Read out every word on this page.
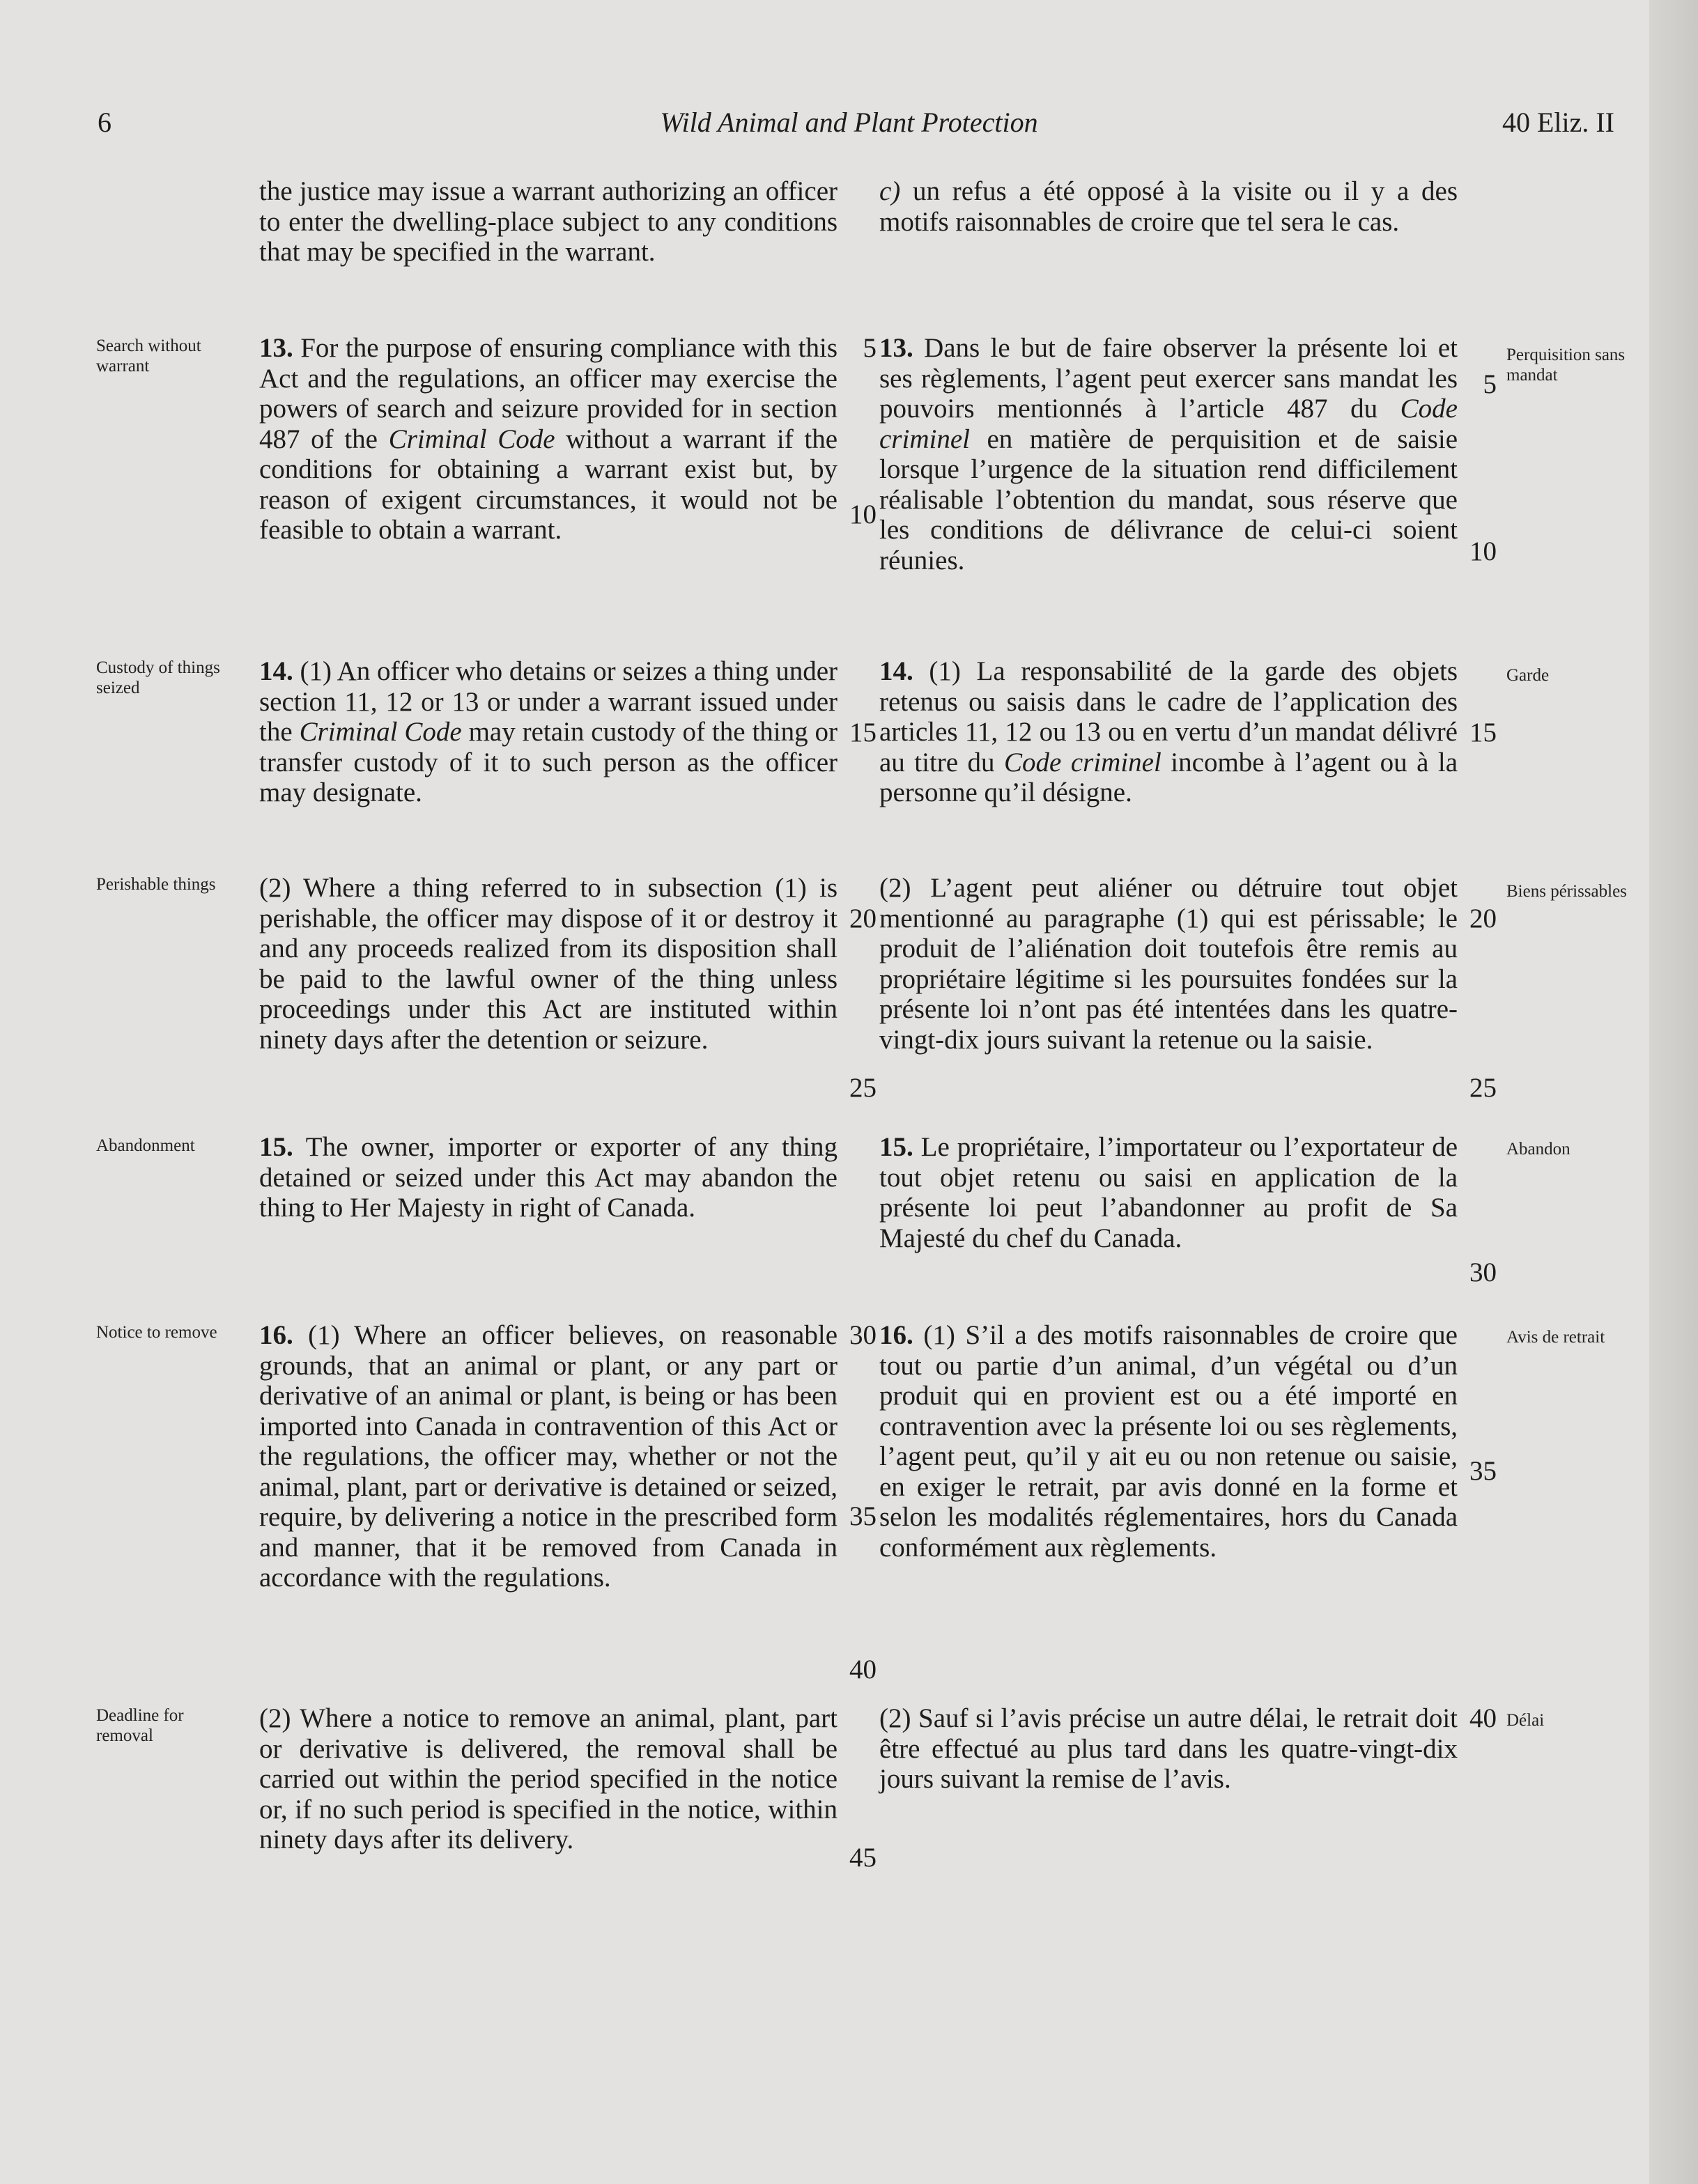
6	Wild Animal and Plant Protection	40 Eliz. II

the justice may issue a warrant authorizing an officer to enter the dwelling-place subject to any conditions that may be specified in the warrant.

13. For the purpose of ensuring compliance with this Act and the regulations, an officer may exercise the powers of search and seizure provided for in section 487 of the Criminal Code without a warrant if the conditions for obtaining a warrant exist but, by reason of exigent circumstances, it would not be feasible to obtain a warrant.

14. (1) An officer who detains or seizes a thing under section 11, 12 or 13 or under a warrant issued under the Criminal Code may retain custody of the thing or transfer custody of it to such person as the officer may designate.

(2) Where a thing referred to in subsection (1) is perishable, the officer may dispose of it or destroy it and any proceeds realized from its disposition shall be paid to the lawful owner of the thing unless proceedings under this Act are instituted within ninety days after the detention or seizure.

15. The owner, importer or exporter of any thing detained or seized under this Act may abandon the thing to Her Majesty in right of Canada.

16. (1) Where an officer believes, on reasonable grounds, that an animal or plant, or any part or derivative of an animal or plant, is being or has been imported into Canada in contravention of this Act or the regulations, the officer may, whether or not the animal, plant, part or derivative is detained or seized, require, by delivering a notice in the prescribed form and manner, that it be removed from Canada in accordance with the regulations.

(2) Where a notice to remove an animal, plant, part or derivative is delivered, the removal shall be carried out within the period specified in the notice or, if no such period is specified in the notice, within ninety days after its delivery.

c) un refus a été opposé à la visite ou il y a des motifs raisonnables de croire que tel sera le cas.

13. Dans le but de faire observer la présente loi et ses règlements, l’agent peut exercer sans mandat les pouvoirs mentionnés à l’article 487 du Code criminel en matière de perquisition et de saisie lorsque l’urgence de la situation rend difficilement réalisable l’obtention du mandat, sous réserve que les conditions de délivrance de celui-ci soient réunies.

14. (1) La responsabilité de la garde des objets retenus ou saisis dans le cadre de l’application des articles 11, 12 ou 13 ou en vertu d’un mandat délivré au titre du Code criminel incombe à l’agent ou à la personne qu’il désigne.

(2) L’agent peut aliéner ou détruire tout objet mentionné au paragraphe (1) qui est périssable; le produit de l’aliénation doit toutefois être remis au propriétaire légitime si les poursuites fondées sur la présente loi n’ont pas été intentées dans les quatre-vingt-dix jours suivant la retenue ou la saisie.

15. Le propriétaire, l’importateur ou l’exportateur de tout objet retenu ou saisi en application de la présente loi peut l’abandonner au profit de Sa Majesté du chef du Canada.

16. (1) S’il a des motifs raisonnables de croire que tout ou partie d’un animal, d’un végétal ou d’un produit qui en provient est ou a été importé en contravention avec la présente loi ou ses règlements, l’agent peut, qu’il y ait eu ou non retenue ou saisie, en exiger le retrait, par avis donné en la forme et selon les modalités réglementaires, hors du Canada conformément aux règlements.

(2) Sauf si l’avis précise un autre délai, le retrait doit être effectué au plus tard dans les quatre-vingt-dix jours suivant la remise de l’avis.

Search without warrant
Custody of things seized
Perishable things
Abandonment
Notice to remove
Deadline for removal
Perquisition sans mandat
Garde
Biens périssables
Abandon
Avis de retrait
Délai
5
10
15
20
25
30
35
40
45
5
10
15
20
25
30
35
40
